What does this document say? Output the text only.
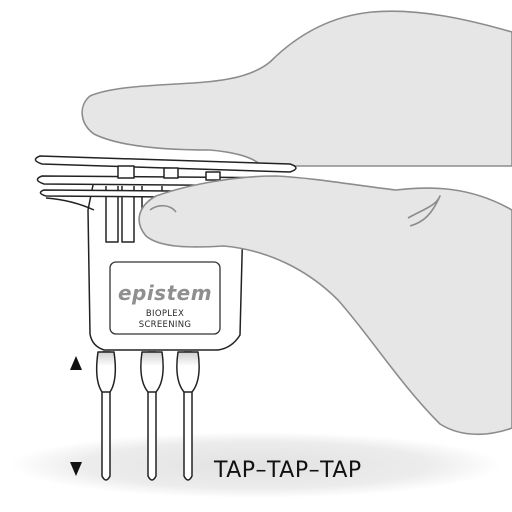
epistem
BIOPLEX
SCREENING
TAP–TAP–TAP
